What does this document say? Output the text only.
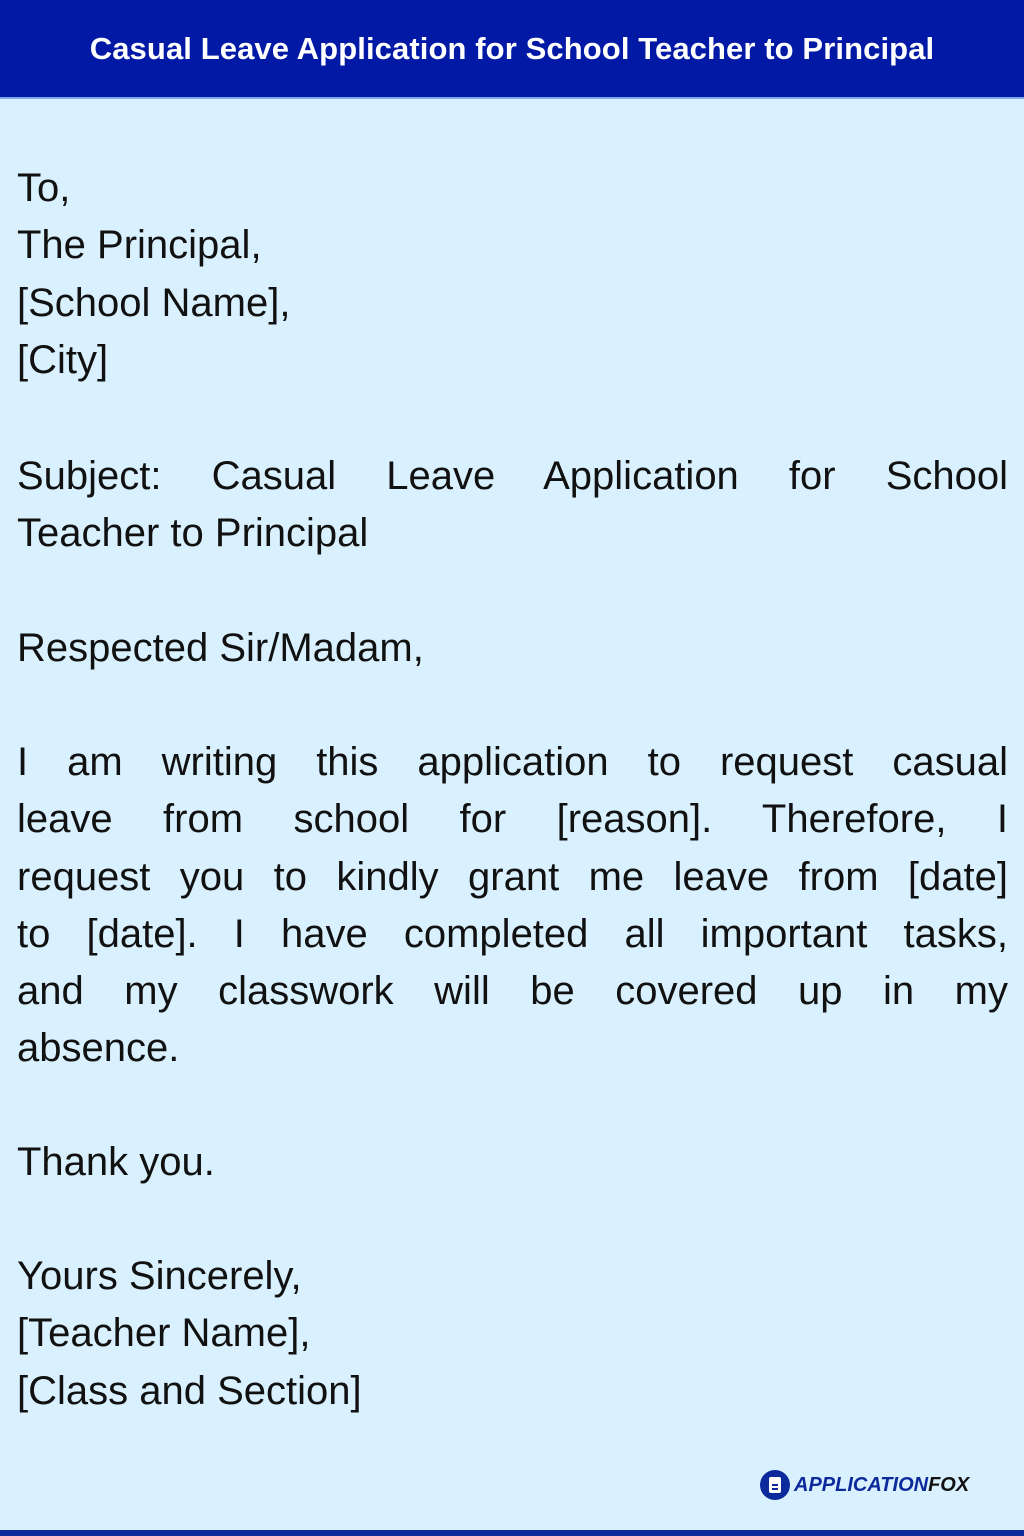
Casual Leave Application for School Teacher to Principal
To,
The Principal,
[School Name],
[City]
Subject: Casual Leave Application for School
Teacher to Principal
Respected Sir/Madam,
I am writing this application to request casual
leave from school for [reason]. Therefore, I
request you to kindly grant me leave from [date]
to [date]. I have completed all important tasks,
and my classwork will be covered up in my
absence.
Thank you.
Yours Sincerely,
[Teacher Name],
[Class and Section]
APPLICATION FOX
